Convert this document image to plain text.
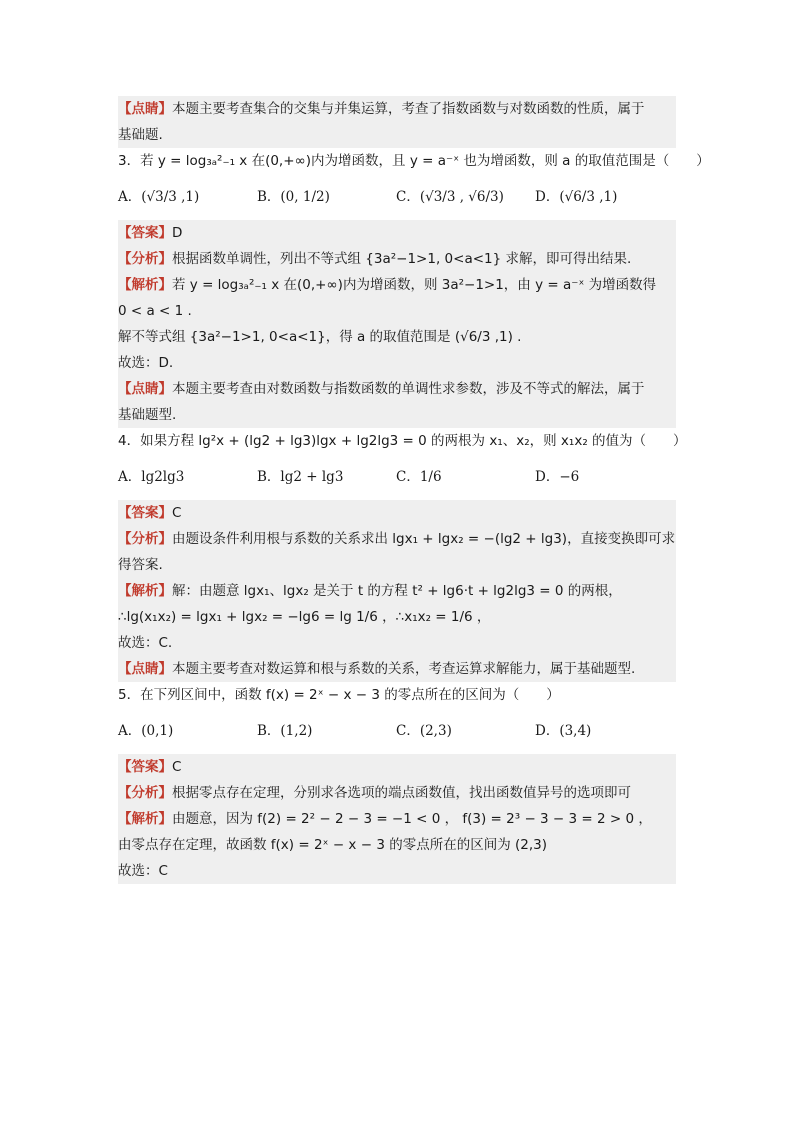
【点睛】本题主要考查集合的交集与并集运算，考查了指数函数与对数函数的性质，属于
基础题.
3．若 y = log₃ₐ²₋₁ x 在(0,+∞)内为增函数，且 y = a⁻ˣ 也为增函数，则 a 的取值范围是（　　）
A．(√3/3 ,1)	B．(0, 1/2)	C．(√3/3 , √6/3)	D．(√6/3 ,1)
【答案】D
【分析】根据函数单调性，列出不等式组 {3a²−1>1, 0<a<1} 求解，即可得出结果.
【解析】若 y = log₃ₐ²₋₁ x 在(0,+∞)内为增函数，则 3a²−1>1，由 y = a⁻ˣ 为增函数得
0 < a < 1 .
解不等式组 {3a²−1>1, 0<a<1}，得 a 的取值范围是 (√6/3 ,1) .
故选：D.
【点睛】本题主要考查由对数函数与指数函数的单调性求参数，涉及不等式的解法，属于
基础题型.
4．如果方程 lg²x + (lg2 + lg3)lgx + lg2lg3 = 0 的两根为 x₁、x₂，则 x₁x₂ 的值为（　　）
A．lg2lg3	B．lg2 + lg3	C．1/6	D．−6
【答案】C
【分析】由题设条件利用根与系数的关系求出 lgx₁ + lgx₂ = −(lg2 + lg3)，直接变换即可求
得答案.
【解析】解：由题意 lgx₁、lgx₂ 是关于 t 的方程 t² + lg6·t + lg2lg3 = 0 的两根，
∴lg(x₁x₂) = lgx₁ + lgx₂ = −lg6 = lg 1/6 ，∴x₁x₂ = 1/6 ，
故选：C.
【点睛】本题主要考查对数运算和根与系数的关系，考查运算求解能力，属于基础题型.
5．在下列区间中，函数 f(x) = 2ˣ − x − 3 的零点所在的区间为（　　）
A．(0,1)	B．(1,2)	C．(2,3)	D．(3,4)
【答案】C
【分析】根据零点存在定理，分别求各选项的端点函数值，找出函数值异号的选项即可
【解析】由题意，因为 f(2) = 2² − 2 − 3 = −1 < 0 ， f(3) = 2³ − 3 − 3 = 2 > 0 ，
由零点存在定理，故函数 f(x) = 2ˣ − x − 3 的零点所在的区间为 (2,3)
故选：C
